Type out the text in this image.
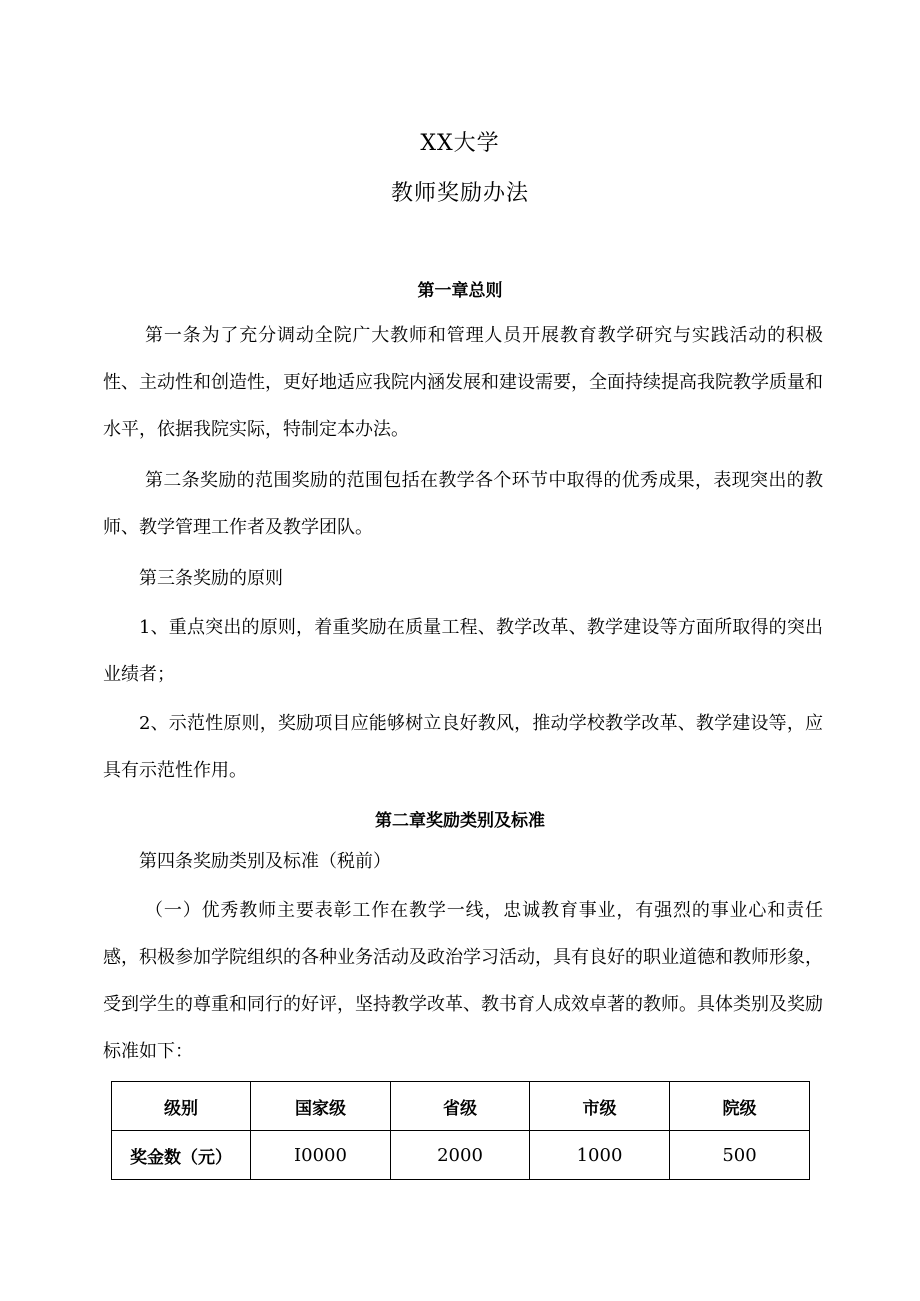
XX大学
教师奖励办法
第一章总则

第一条为了充分调动全院广大教师和管理人员开展教育教学研究与实践活动的积极性、主动性和创造性，更好地适应我院内涵发展和建设需要，全面持续提高我院教学质量和水平，依据我院实际，特制定本办法。

第二条奖励的范围奖励的范围包括在教学各个环节中取得的优秀成果，表现突出的教师、教学管理工作者及教学团队。

第三条奖励的原则

1、重点突出的原则，着重奖励在质量工程、教学改革、教学建设等方面所取得的突出业绩者；

2、示范性原则，奖励项目应能够树立良好教风，推动学校教学改革、教学建设等，应具有示范性作用。

第二章奖励类别及标准

第四条奖励类别及标准（税前）

（一）优秀教师主要表彰工作在教学一线，忠诚教育事业，有强烈的事业心和责任感，积极参加学院组织的各种业务活动及政治学习活动，具有良好的职业道德和教师形象，受到学生的尊重和同行的好评，坚持教学改革、教书育人成效卓著的教师。具体类别及奖励标准如下：

级别	国家级	省级	市级	院级
奖金数（元）	I0000	2000	1000	500
